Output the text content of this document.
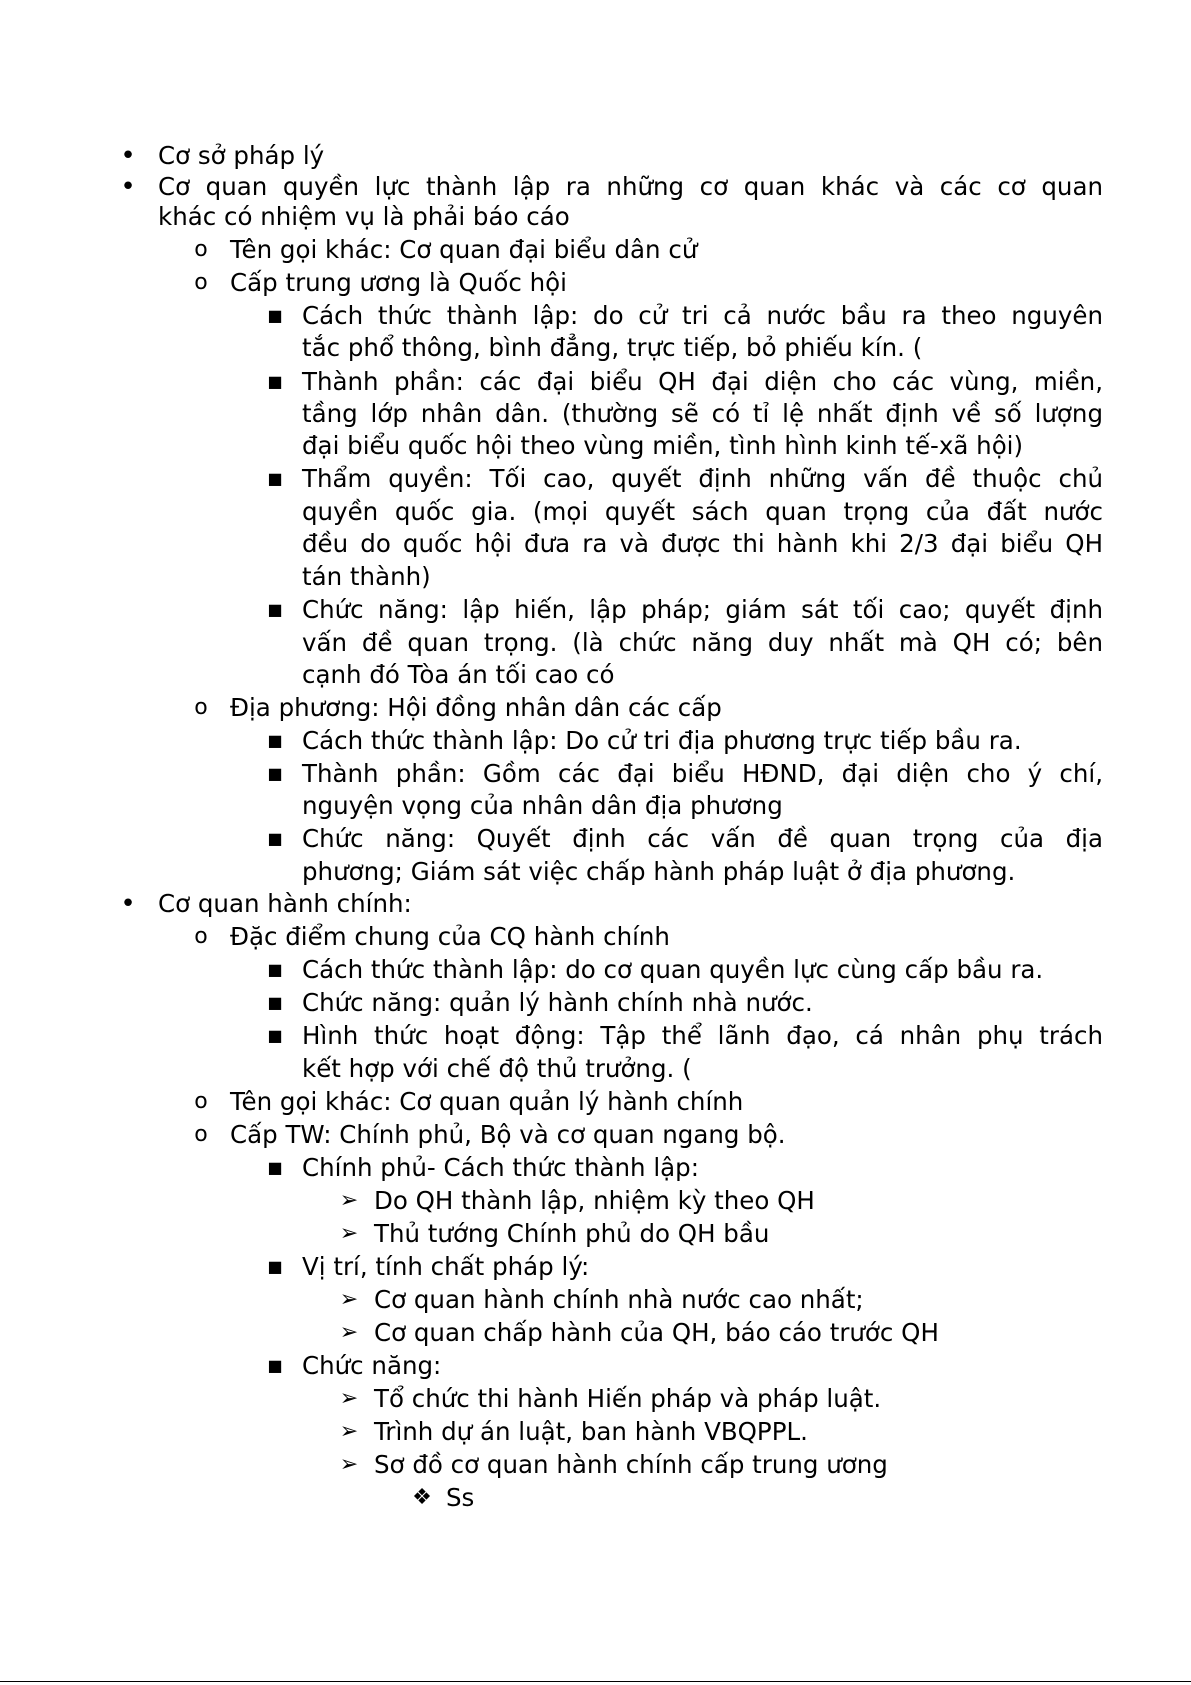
• Cơ sở pháp lý
• Cơ quan quyền lực thành lập ra những cơ quan khác và các cơ quan
khác có nhiệm vụ là phải báo cáo
o Tên gọi khác: Cơ quan đại biểu dân cử
o Cấp trung ương là Quốc hội
■ Cách thức thành lập: do cử tri cả nước bầu ra theo nguyên
tắc phổ thông, bình đẳng, trực tiếp, bỏ phiếu kín. (
■ Thành phần: các đại biểu QH đại diện cho các vùng, miền,
tầng lớp nhân dân. (thường sẽ có tỉ lệ nhất định về số lượng
đại biểu quốc hội theo vùng miền, tình hình kinh tế-xã hội)
■ Thẩm quyền: Tối cao, quyết định những vấn đề thuộc chủ
quyền quốc gia. (mọi quyết sách quan trọng của đất nước
đều do quốc hội đưa ra và được thi hành khi 2/3 đại biểu QH
tán thành)
■ Chức năng: lập hiến, lập pháp; giám sát tối cao; quyết định
vấn đề quan trọng. (là chức năng duy nhất mà QH có; bên
cạnh đó Tòa án tối cao có
o Địa phương: Hội đồng nhân dân các cấp
■ Cách thức thành lập: Do cử tri địa phương trực tiếp bầu ra.
■ Thành phần: Gồm các đại biểu HĐND, đại diện cho ý chí,
nguyện vọng của nhân dân địa phương
■ Chức năng: Quyết định các vấn đề quan trọng của địa
phương; Giám sát việc chấp hành pháp luật ở địa phương.
• Cơ quan hành chính:
o Đặc điểm chung của CQ hành chính
■ Cách thức thành lập: do cơ quan quyền lực cùng cấp bầu ra.
■ Chức năng: quản lý hành chính nhà nước.
■ Hình thức hoạt động: Tập thể lãnh đạo, cá nhân phụ trách
kết hợp với chế độ thủ trưởng. (
o Tên gọi khác: Cơ quan quản lý hành chính
o Cấp TW: Chính phủ, Bộ và cơ quan ngang bộ.
■ Chính phủ- Cách thức thành lập:
➢ Do QH thành lập, nhiệm kỳ theo QH
➢ Thủ tướng Chính phủ do QH bầu
■ Vị trí, tính chất pháp lý:
➢ Cơ quan hành chính nhà nước cao nhất;
➢ Cơ quan chấp hành của QH, báo cáo trước QH
■ Chức năng:
➢ Tổ chức thi hành Hiến pháp và pháp luật.
➢ Trình dự án luật, ban hành VBQPPL.
➢ Sơ đồ cơ quan hành chính cấp trung ương
❖ Ss
